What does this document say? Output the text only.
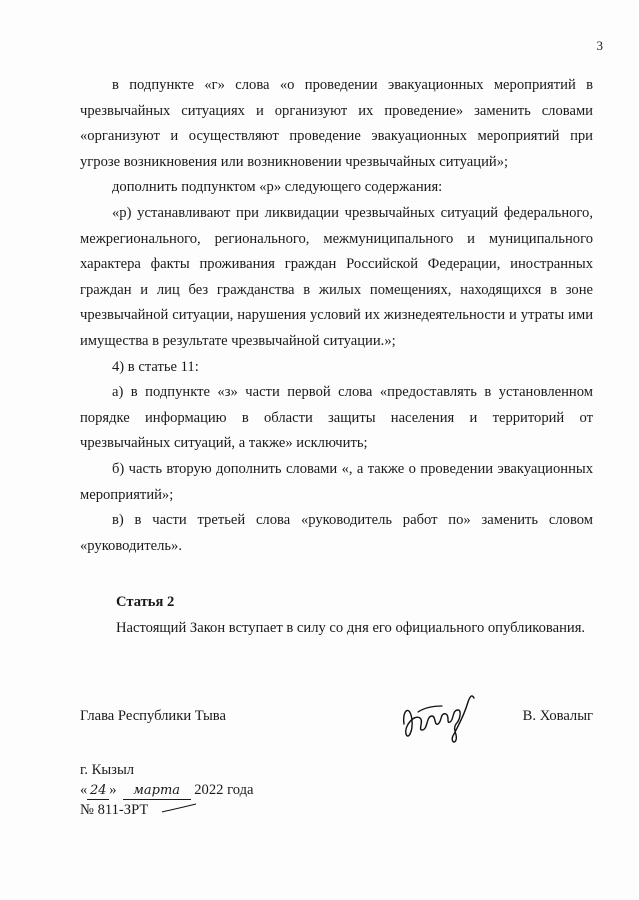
3

в подпункте «г» слова «о проведении эвакуационных мероприятий в чрезвычайных ситуациях и организуют их проведение» заменить словами «организуют и осуществляют проведение эвакуационных мероприятий при угрозе возникновения или возникновении чрезвычайных ситуаций»;

дополнить подпунктом «р» следующего содержания:

«р) устанавливают при ликвидации чрезвычайных ситуаций федерального, межрегионального, регионального, межмуниципального и муниципального характера факты проживания граждан Российской Федерации, иностранных граждан и лиц без гражданства в жилых помещениях, находящихся в зоне чрезвычайной ситуации, нарушения условий их жизнедеятельности и утраты ими имущества в результате чрезвычайной ситуации.»;

4) в статье 11:

а) в подпункте «з» части первой слова «предоставлять в установленном порядке информацию в области защиты населения и территорий от чрезвычайных ситуаций, а также» исключить;

б) часть вторую дополнить словами «, а также о проведении эвакуационных мероприятий»;

в) в части третьей слова «руководитель работ по» заменить словом «руководитель».

Статья 2

Настоящий Закон вступает в силу со дня его официального опубликования.

Глава Республики Тыва	В. Ховалыг
г. Кызыл
« 24 » марта 2022 года
№ 811-ЗРТ
